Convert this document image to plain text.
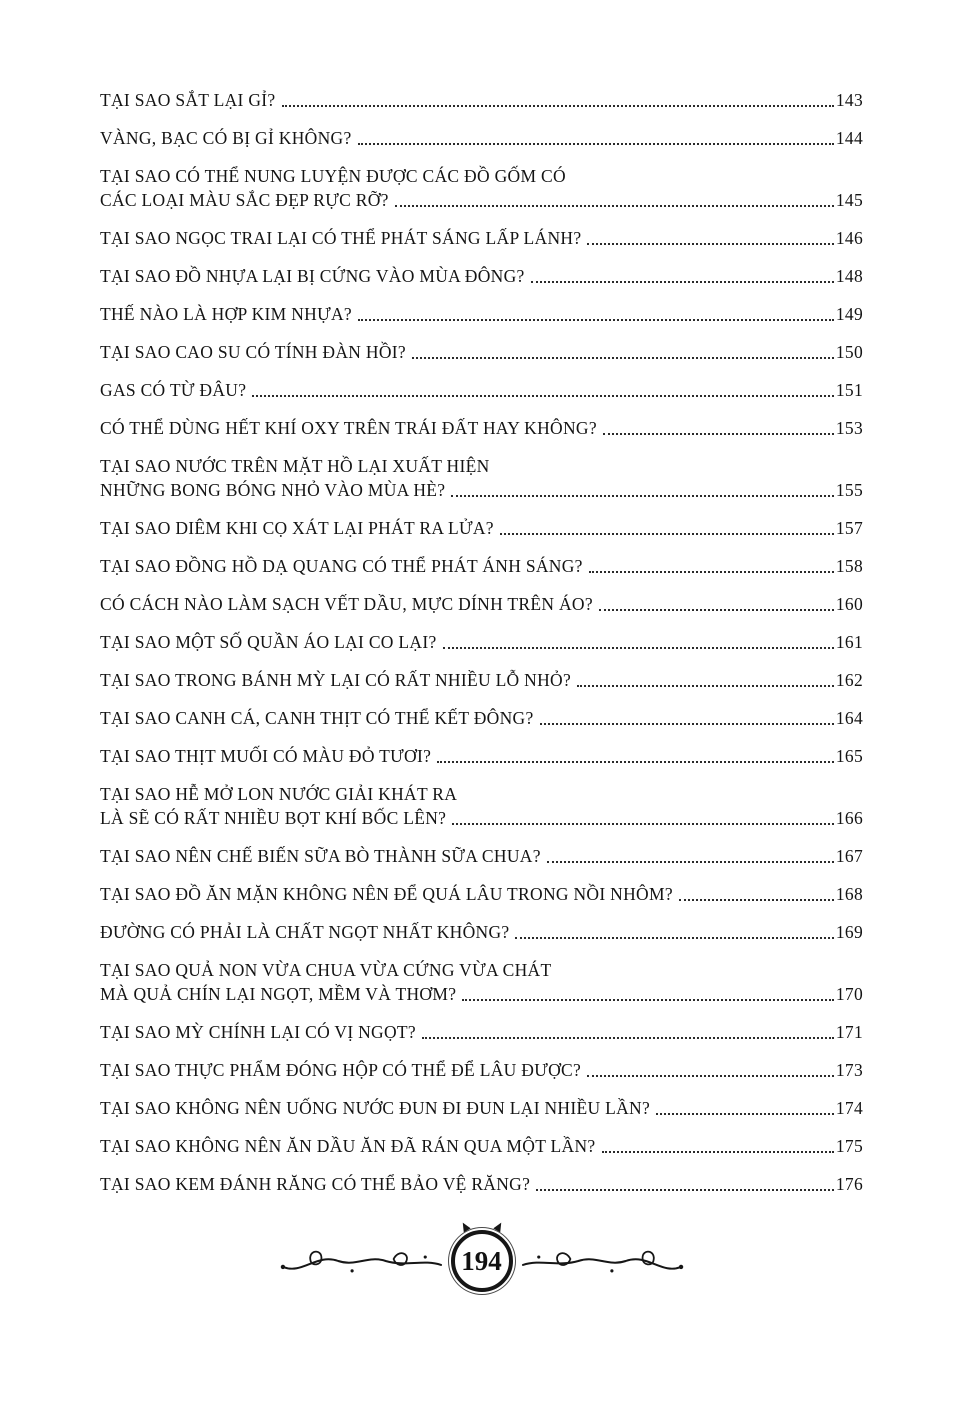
TẠI SAO SẮT LẠI GỈ?	143
VÀNG, BẠC CÓ BỊ GỈ KHÔNG?	144
TẠI SAO CÓ THỂ NUNG LUYỆN ĐƯỢC CÁC ĐỒ GỐM CÓ
CÁC LOẠI MÀU SẮC ĐẸP RỰC RỠ?	145
TẠI SAO NGỌC TRAI LẠI CÓ THỂ PHÁT SÁNG LẤP LÁNH?	146
TẠI SAO ĐỒ NHỰA LẠI BỊ CỨNG VÀO MÙA ĐÔNG?	148
THẾ NÀO LÀ HỢP KIM NHỰA?	149
TẠI SAO CAO SU CÓ TÍNH ĐÀN HỒI?	150
GAS CÓ TỪ ĐÂU?	151
CÓ THỂ DÙNG HẾT KHÍ OXY TRÊN TRÁI ĐẤT HAY KHÔNG?	153
TẠI SAO NƯỚC TRÊN MẶT HỒ LẠI XUẤT HIỆN
NHỮNG BONG BÓNG NHỎ VÀO MÙA HÈ?	155
TẠI SAO DIÊM KHI CỌ XÁT LẠI PHÁT RA LỬA?	157
TẠI SAO ĐỒNG HỒ DẠ QUANG CÓ THỂ PHÁT ÁNH SÁNG?	158
CÓ CÁCH NÀO LÀM SẠCH VẾT DẦU, MỰC DÍNH TRÊN ÁO?	160
TẠI SAO MỘT SỐ QUẦN ÁO LẠI CO LẠI?	161
TẠI SAO TRONG BÁNH MỲ LẠI CÓ RẤT NHIỀU LỖ NHỎ?	162
TẠI SAO CANH CÁ, CANH THỊT CÓ THỂ KẾT ĐÔNG?	164
TẠI SAO THỊT MUỐI CÓ MÀU ĐỎ TƯƠI?	165
TẠI SAO HỄ MỞ LON NƯỚC GIẢI KHÁT RA
LÀ SẼ CÓ RẤT NHIỀU BỌT KHÍ BỐC LÊN?	166
TẠI SAO NÊN CHẾ BIẾN SỮA BÒ THÀNH SỮA CHUA?	167
TẠI SAO ĐỒ ĂN MẶN KHÔNG NÊN ĐỂ QUÁ LÂU TRONG NỒI NHÔM?	168
ĐƯỜNG CÓ PHẢI LÀ CHẤT NGỌT NHẤT KHÔNG?	169
TẠI SAO QUẢ NON VỪA CHUA VỪA CỨNG VỪA CHÁT
MÀ QUẢ CHÍN LẠI NGỌT, MỀM VÀ THƠM?	170
TẠI SAO MỲ CHÍNH LẠI CÓ VỊ NGỌT?	171
TẠI SAO THỰC PHẨM ĐÓNG HỘP CÓ THỂ ĐỂ LÂU ĐƯỢC?	173
TẠI SAO KHÔNG NÊN UỐNG NƯỚC ĐUN ĐI ĐUN LẠI NHIỀU LẦN?	174
TẠI SAO KHÔNG NÊN ĂN DẦU ĂN ĐÃ RÁN QUA MỘT LẦN?	175
TẠI SAO KEM ĐÁNH RĂNG CÓ THỂ BẢO VỆ RĂNG?	176
194
